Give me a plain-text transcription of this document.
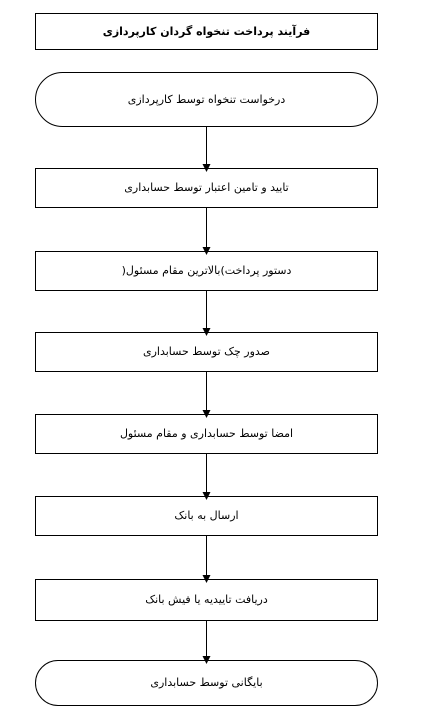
فرآیند پرداخت تنخواه گردان کارپردازی
درخواست تنخواه توسط کارپردازی
تایید و تامین اعتبار توسط حسابداری
دستور پرداخت)بالاترین مقام مسئول(
صدور چک توسط حسابداری
امضا توسط حسابداری و مقام مسئول
ارسال به بانک
دریافت تاییدیه یا فیش بانک
بایگانی توسط حسابداری
